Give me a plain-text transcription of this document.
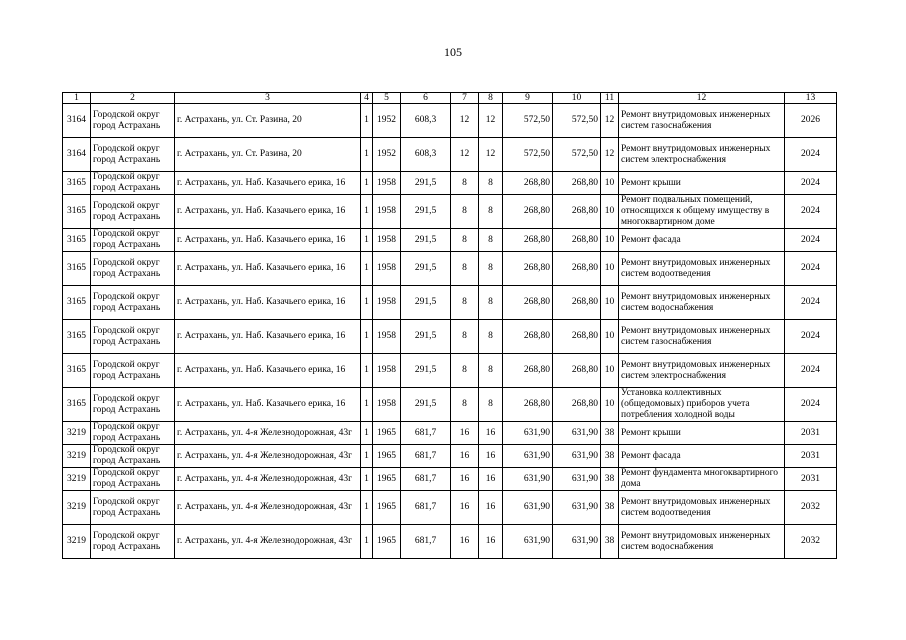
105
1	2	3	4	5	6	7	8	9	10	11	12	13
3164	Городской округ город Астрахань	г. Астрахань, ул. Ст. Разина, 20	1	1952	608,3	12	12	572,50	572,50	12	Ремонт внутридомовых инженерных систем газоснабжения	2026
3164	Городской округ город Астрахань	г. Астрахань, ул. Ст. Разина, 20	1	1952	608,3	12	12	572,50	572,50	12	Ремонт внутридомовых инженерных систем электроснабжения	2024
3165	Городской округ город Астрахань	г. Астрахань, ул. Наб. Казачьего ерика, 16	1	1958	291,5	8	8	268,80	268,80	10	Ремонт крыши	2024
3165	Городской округ город Астрахань	г. Астрахань, ул. Наб. Казачьего ерика, 16	1	1958	291,5	8	8	268,80	268,80	10	Ремонт подвальных помещений, относящихся к общему имуществу в многоквартирном доме	2024
3165	Городской округ город Астрахань	г. Астрахань, ул. Наб. Казачьего ерика, 16	1	1958	291,5	8	8	268,80	268,80	10	Ремонт фасада	2024
3165	Городской округ город Астрахань	г. Астрахань, ул. Наб. Казачьего ерика, 16	1	1958	291,5	8	8	268,80	268,80	10	Ремонт внутридомовых инженерных систем водоотведения	2024
3165	Городской округ город Астрахань	г. Астрахань, ул. Наб. Казачьего ерика, 16	1	1958	291,5	8	8	268,80	268,80	10	Ремонт внутридомовых инженерных систем водоснабжения	2024
3165	Городской округ город Астрахань	г. Астрахань, ул. Наб. Казачьего ерика, 16	1	1958	291,5	8	8	268,80	268,80	10	Ремонт внутридомовых инженерных систем газоснабжения	2024
3165	Городской округ город Астрахань	г. Астрахань, ул. Наб. Казачьего ерика, 16	1	1958	291,5	8	8	268,80	268,80	10	Ремонт внутридомовых инженерных систем электроснабжения	2024
3165	Городской округ город Астрахань	г. Астрахань, ул. Наб. Казачьего ерика, 16	1	1958	291,5	8	8	268,80	268,80	10	Установка коллективных (общедомовых) приборов учета потребления холодной воды	2024
3219	Городской округ город Астрахань	г. Астрахань, ул. 4-я Железнодорожная, 43г	1	1965	681,7	16	16	631,90	631,90	38	Ремонт крыши	2031
3219	Городской округ город Астрахань	г. Астрахань, ул. 4-я Железнодорожная, 43г	1	1965	681,7	16	16	631,90	631,90	38	Ремонт фасада	2031
3219	Городской округ город Астрахань	г. Астрахань, ул. 4-я Железнодорожная, 43г	1	1965	681,7	16	16	631,90	631,90	38	Ремонт фундамента многоквартирного дома	2031
3219	Городской округ город Астрахань	г. Астрахань, ул. 4-я Железнодорожная, 43г	1	1965	681,7	16	16	631,90	631,90	38	Ремонт внутридомовых инженерных систем водоотведения	2032
3219	Городской округ город Астрахань	г. Астрахань, ул. 4-я Железнодорожная, 43г	1	1965	681,7	16	16	631,90	631,90	38	Ремонт внутридомовых инженерных систем водоснабжения	2032
